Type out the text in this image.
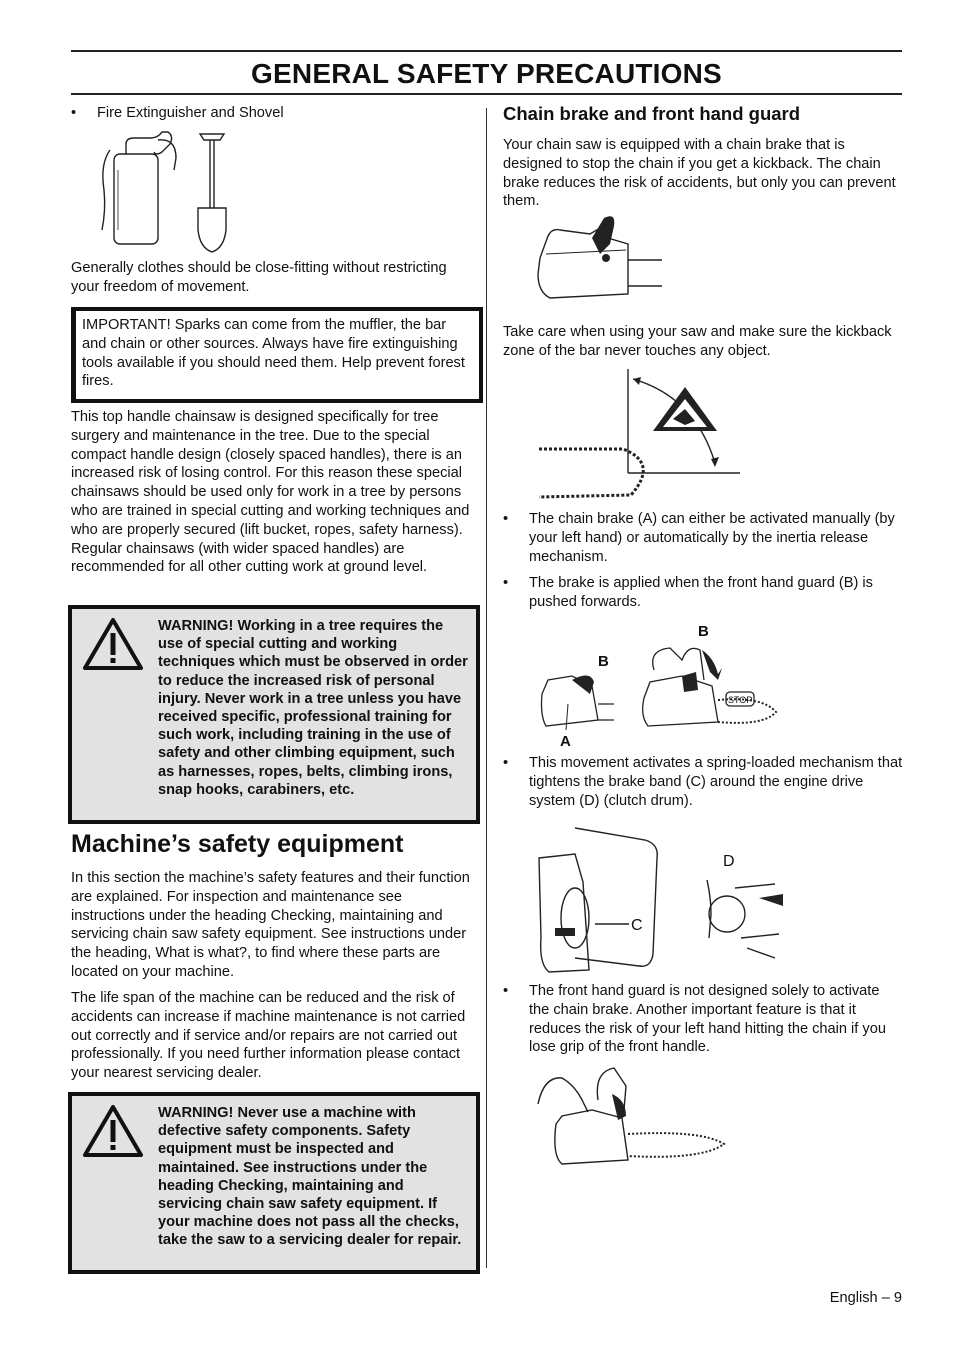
GENERAL SAFETY PRECAUTIONS
• Fire Extinguisher and Shovel

Generally clothes should be close-fitting without restricting your freedom of movement.

IMPORTANT! Sparks can come from the muffler, the bar and chain or other sources. Always have fire extinguishing tools available if you should need them. Help prevent forest fires.

This top handle chainsaw is designed specifically for tree surgery and maintenance in the tree. Due to the special compact handle design (closely spaced handles), there is an increased risk of losing control. For this reason these special chainsaws should be used only for work in a tree by persons who are trained in special cutting and working techniques and who are properly secured (lift bucket, ropes, safety harness). Regular chainsaws (with wider spaced handles) are recommended for all other cutting work at ground level.

WARNING! Working in a tree requires the use of special cutting and working techniques which must be observed in order to reduce the increased risk of personal injury. Never work in a tree unless you have received specific, professional training for such work, including training in the use of safety and other climbing equipment, such as harnesses, ropes, belts, climbing irons, snap hooks, carabiners, etc.
Machine’s safety equipment

In this section the machine’s safety features and their function are explained. For inspection and maintenance see instructions under the heading Checking, maintaining and servicing chain saw safety equipment. See instructions under the heading, What is what?, to find where these parts are located on your machine.

The life span of the machine can be reduced and the risk of accidents can increase if machine maintenance is not carried out correctly and if service and/or repairs are not carried out professionally. If you need further information please contact your nearest servicing dealer.

WARNING! Never use a machine with defective safety components. Safety equipment must be inspected and maintained. See instructions under the heading Checking, maintaining and servicing chain saw safety equipment. If your machine does not pass all the checks, take the saw to a servicing dealer for repair.
Chain brake and front hand guard

Your chain saw is equipped with a chain brake that is designed to stop the chain if you get a kickback. The chain brake reduces the risk of accidents, but only you can prevent them.

Take care when using your saw and make sure the kickback zone of the bar never touches any object.

• The chain brake (A) can either be activated manually (by your left hand) or automatically by the inertia release mechanism.
• The brake is applied when the front hand guard (B) is pushed forwards.
B
B
A
STOP
• This movement activates a spring-loaded mechanism that tightens the brake band (C) around the engine drive system (D) (clutch drum).
D
C
• The front hand guard is not designed solely to activate the chain brake. Another important feature is that it reduces the risk of your left hand hitting the chain if you lose grip of the front handle.
English – 9
